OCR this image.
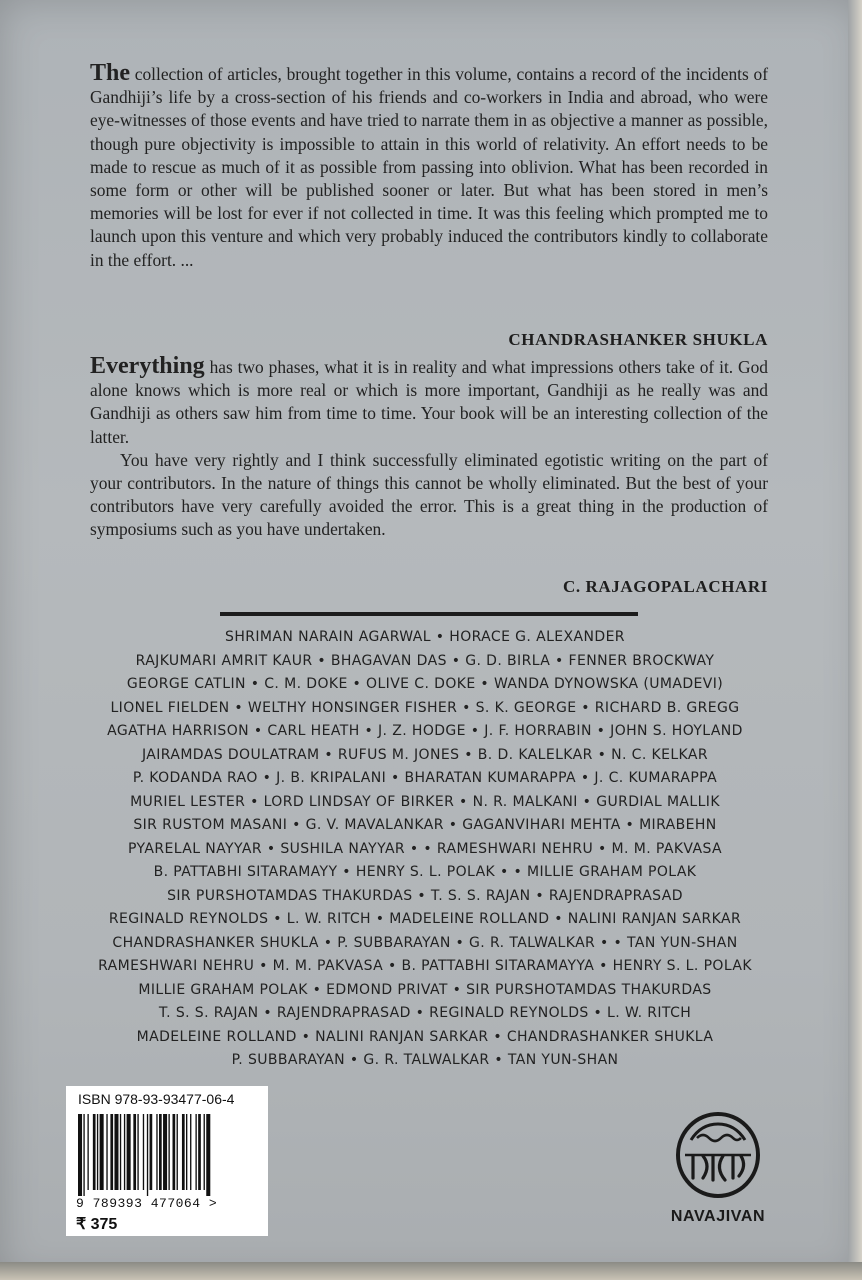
The collection of articles, brought together in this volume, contains a record of the incidents of Gandhiji’s life by a cross-section of his friends and co-workers in India and abroad, who were eye-witnesses of those events and have tried to narrate them in as objective a manner as possible, though pure objectivity is impossible to attain in this world of relativity. An effort needs to be made to rescue as much of it as possible from passing into oblivion. What has been recorded in some form or other will be published sooner or later. But what has been stored in men’s memories will be lost for ever if not collected in time. It was this feeling which prompted me to launch upon this venture and which very probably induced the contributors kindly to collaborate in the effort. ...

CHANDRASHANKER SHUKLA

Everything has two phases, what it is in reality and what impressions others take of it. God alone knows which is more real or which is more important, Gandhiji as he really was and Gandhiji as others saw him from time to time. Your book will be an interesting collection of the latter.

You have very rightly and I think successfully eliminated egotistic writing on the part of your contributors. In the nature of things this cannot be wholly eliminated. But the best of your contributors have very carefully avoided the error. This is a great thing in the production of symposiums such as you have undertaken.

C. RAJAGOPALACHARI
SHRIMAN NARAIN AGARWAL • HORACE G. ALEXANDER
RAJKUMARI AMRIT KAUR • BHAGAVAN DAS • G. D. BIRLA • FENNER BROCKWAY
GEORGE CATLIN • C. M. DOKE • OLIVE C. DOKE • WANDA DYNOWSKA (UMADEVI)
LIONEL FIELDEN • WELTHY HONSINGER FISHER • S. K. GEORGE • RICHARD B. GREGG
AGATHA HARRISON • CARL HEATH • J. Z. HODGE • J. F. HORRABIN • JOHN S. HOYLAND
JAIRAMDAS DOULATRAM • RUFUS M. JONES • B. D. KALELKAR • N. C. KELKAR
P. KODANDA RAO • J. B. KRIPALANI • BHARATAN KUMARAPPA • J. C. KUMARAPPA
MURIEL LESTER • LORD LINDSAY OF BIRKER • N. R. MALKANI • GURDIAL MALLIK
SIR RUSTOM MASANI • G. V. MAVALANKAR • GAGANVIHARI MEHTA • MIRABEHN
PYARELAL NAYYAR • SUSHILA NAYYAR • • RAMESHWARI NEHRU • M. M. PAKVASA
B. PATTABHI SITARAMAYY • HENRY S. L. POLAK • • MILLIE GRAHAM POLAK
SIR PURSHOTAMDAS THAKURDAS • T. S. S. RAJAN • RAJENDRAPRASAD
REGINALD REYNOLDS • L. W. RITCH • MADELEINE ROLLAND • NALINI RANJAN SARKAR
CHANDRASHANKER SHUKLA • P. SUBBARAYAN • G. R. TALWALKAR • • TAN YUN-SHAN
RAMESHWARI NEHRU • M. M. PAKVASA • B. PATTABHI SITARAMAYYA • HENRY S. L. POLAK
MILLIE GRAHAM POLAK • EDMOND PRIVAT • SIR PURSHOTAMDAS THAKURDAS
T. S. S. RAJAN • RAJENDRAPRASAD • REGINALD REYNOLDS • L. W. RITCH
MADELEINE ROLLAND • NALINI RANJAN SARKAR • CHANDRASHANKER SHUKLA
P. SUBBARAYAN • G. R. TALWALKAR • TAN YUN-SHAN
ISBN 978-93-93477-06-4
9 789393 477064 >
₹ 375	NAVAJIVAN
